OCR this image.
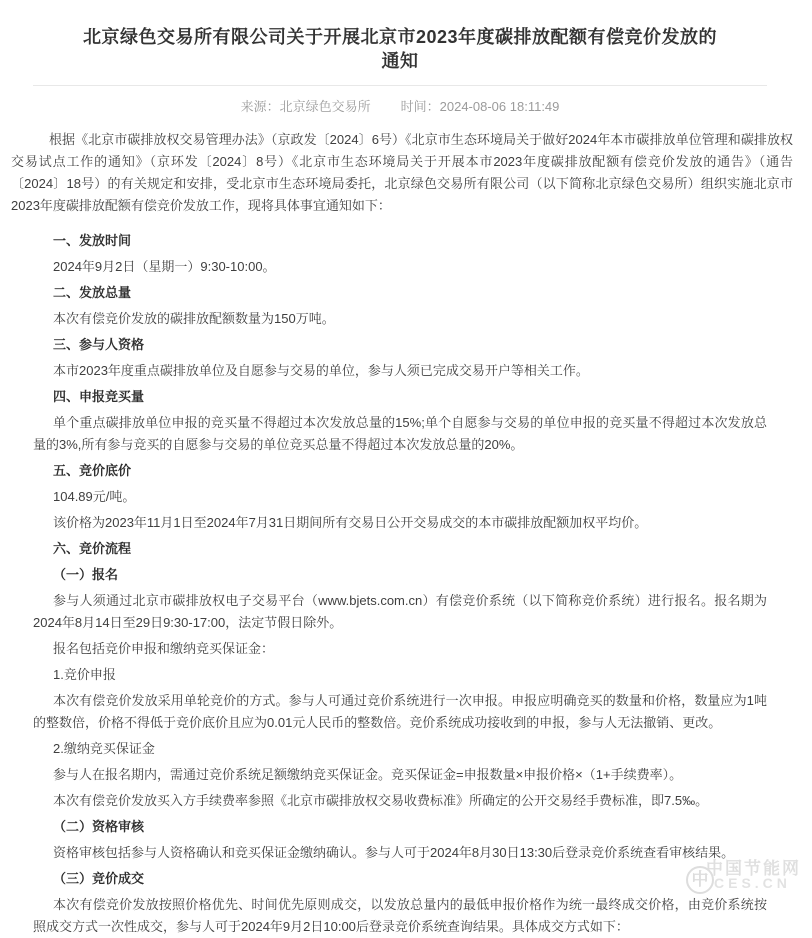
北京绿色交易所有限公司关于开展北京市2023年度碳排放配额有偿竞价发放的通知
来源：北京绿色交易所 时间：2024-08-06 18:11:49

根据《北京市碳排放权交易管理办法》（京政发〔2024〕6号）《北京市生态环境局关于做好2024年本市碳排放单位管理和碳排放权交易试点工作的通知》（京环发〔2024〕8号）《北京市生态环境局关于开展本市2023年度碳排放配额有偿竞价发放的通告》（通告〔2024〕18号）的有关规定和安排，受北京市生态环境局委托，北京绿色交易所有限公司（以下简称北京绿色交易所）组织实施北京市2023年度碳排放配额有偿竞价发放工作，现将具体事宜通知如下：

一、发放时间

2024年9月2日（星期一）9:30-10:00。

二、发放总量

本次有偿竞价发放的碳排放配额数量为150万吨。

三、参与人资格

本市2023年度重点碳排放单位及自愿参与交易的单位，参与人须已完成交易开户等相关工作。

四、申报竞买量

单个重点碳排放单位申报的竞买量不得超过本次发放总量的15%;单个自愿参与交易的单位申报的竞买量不得超过本次发放总量的3%,所有参与竞买的自愿参与交易的单位竞买总量不得超过本次发放总量的20%。

五、竞价底价

104.89元/吨。

该价格为2023年11月1日至2024年7月31日期间所有交易日公开交易成交的本市碳排放配额加权平均价。

六、竞价流程

（一）报名

参与人须通过北京市碳排放权电子交易平台（www.bjets.com.cn）有偿竞价系统（以下简称竞价系统）进行报名。报名期为2024年8月14日至29日9:30-17:00，法定节假日除外。

报名包括竞价申报和缴纳竞买保证金：

1.竞价申报

本次有偿竞价发放采用单轮竞价的方式。参与人可通过竞价系统进行一次申报。申报应明确竞买的数量和价格，数量应为1吨的整数倍，价格不得低于竞价底价且应为0.01元人民币的整数倍。竞价系统成功接收到的申报，参与人无法撤销、更改。

2.缴纳竞买保证金

参与人在报名期内，需通过竞价系统足额缴纳竞买保证金。竞买保证金=申报数量×申报价格×（1+手续费率）。

本次有偿竞价发放买入方手续费率参照《北京市碳排放权交易收费标准》所确定的公开交易经手费标准，即7.5‰。

（二）资格审核

资格审核包括参与人资格确认和竞买保证金缴纳确认。参与人可于2024年8月30日13:30后登录竞价系统查看审核结果。

（三）竞价成交

本次有偿竞价发放按照价格优先、时间优先原则成交，以发放总量内的最低申报价格作为统一最终成交价格，由竞价系统按照成交方式一次性成交，参与人可于2024年9月2日10:00后登录竞价系统查询结果。具体成交方式如下：

中
中国节能网
CES.CN
